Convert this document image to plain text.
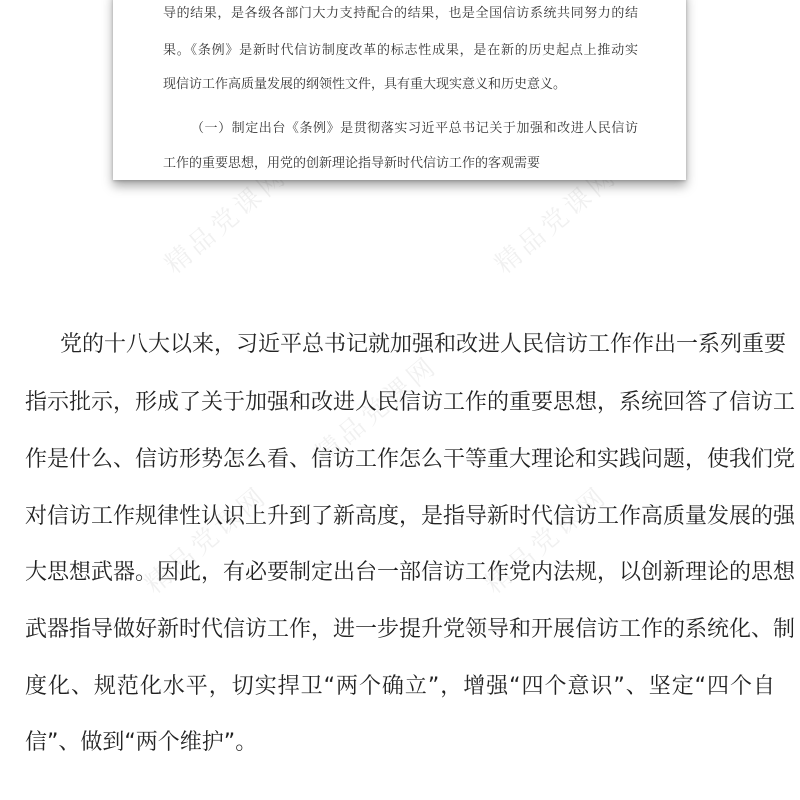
精品党课网	精品党课网
精品党课网
精品党课网	精品党课网
导的结果，是各级各部门大力支持配合的结果，也是全国信访系统共同努力的结
果。《条例》是新时代信访制度改革的标志性成果，是在新的历史起点上推动实
现信访工作高质量发展的纲领性文件，具有重大现实意义和历史意义。
（一）制定出台《条例》是贯彻落实习近平总书记关于加强和改进人民信访
工作的重要思想，用党的创新理论指导新时代信访工作的客观需要
党的十八大以来，习近平总书记就加强和改进人民信访工作作出一系列重要
指示批示，形成了关于加强和改进人民信访工作的重要思想，系统回答了信访工
作是什么、信访形势怎么看、信访工作怎么干等重大理论和实践问题，使我们党
对信访工作规律性认识上升到了新高度，是指导新时代信访工作高质量发展的强
大思想武器。因此，有必要制定出台一部信访工作党内法规，以创新理论的思想
武器指导做好新时代信访工作，进一步提升党领导和开展信访工作的系统化、制
度化、规范化水平，切实捍卫“两个确立”，增强“四个意识”、坚定“四个自
信”、做到“两个维护”。
